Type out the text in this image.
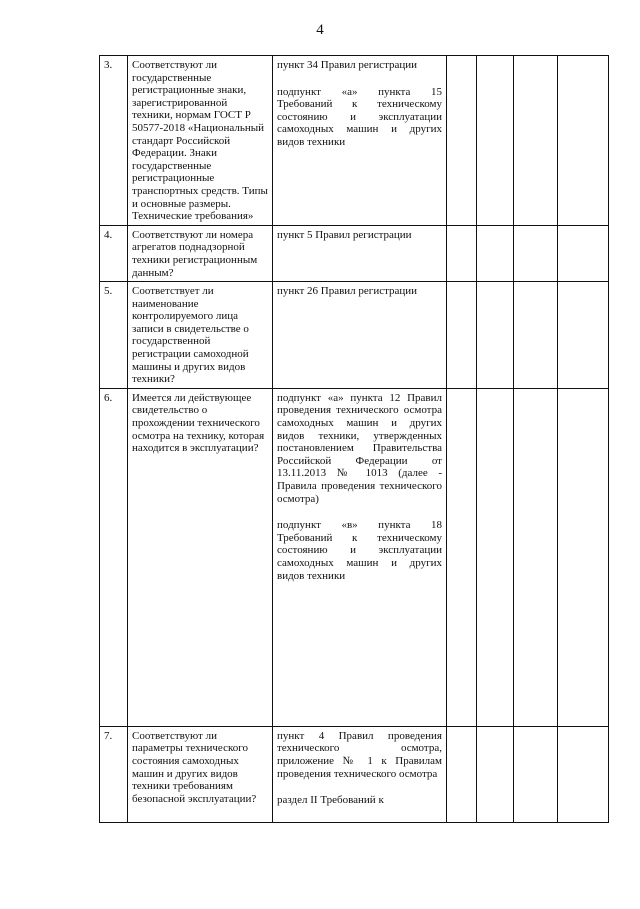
4
3.	Соответствуют ли государственные регистрационные знаки, зарегистрированной техники, нормам ГОСТ Р 50577-2018 «Национальный стандарт Российской Федерации. Знаки государственные регистрационные транспортных средств. Типы и основные размеры. Технические требования»	пункт 34 Правил регистрации

подпункт «а» пункта 15 Требований к техническому состоянию и эксплуатации самоходных машин и других видов техники				

4.	Соответствуют ли номера агрегатов поднадзорной техники регистрационным данным?	пункт 5 Правил регистрации				

5.	Соответствует ли наименование контролируемого лица записи в свидетельстве о государственной регистрации самоходной машины и других видов техники?	пункт 26 Правил регистрации				

6.	Имеется ли действующее свидетельство о прохождении технического осмотра на технику, которая находится в эксплуатации?	подпункт «а» пункта 12 Правил проведения технического осмотра самоходных машин и других видов техники, утвержденных постановлением Правительства Российской Федерации от 13.11.2013 № 1013 (далее - Правила проведения технического осмотра)

подпункт «в» пункта 18 Требований к техническому состоянию и эксплуатации самоходных машин и других видов техники				

7.	Соответствуют ли параметры технического состояния самоходных машин и других видов техники требованиям безопасной эксплуатации?	пункт 4 Правил проведения технического осмотра, приложение № 1 к Правилам проведения технического осмотра

раздел II Требований к				
